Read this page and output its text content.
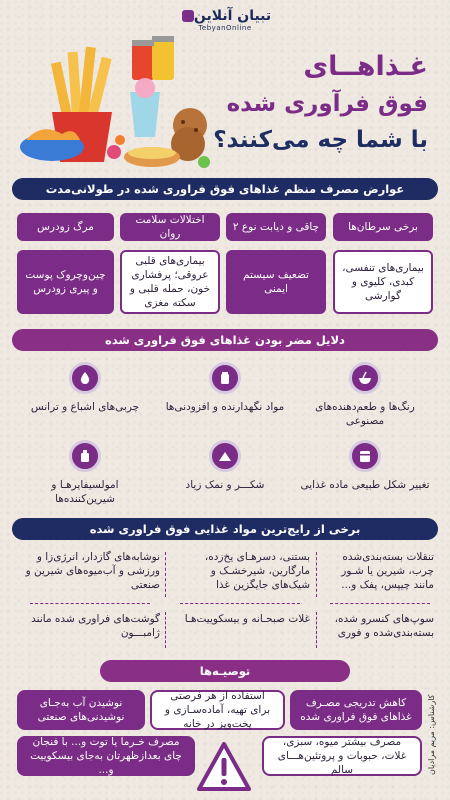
تبیان آنلاین
TebyanOnline
غـذاهــای
فوق فرآوری شده
با شما چه می‌کنند؟
عوارض مصرف منظم غذاهای فوق فراوری شده در طولانی‌مدت
برخی سرطان‌ها
چاقی و دیابت نوع ۲
اختلالات سلامت روان
مرگ زودرس
بیماری‌های تنفسی، کبدی، کلیوی و گوارشی
تضعیف سیستم ایمنی
بیماری‌های قلبی عروقی؛ پرفشاری خون، حمله قلبی و سکته مغزی
چین‌وچروک پوست و پیری زودرس
دلایل مضر بودن غذاهای فوق فراوری شده
رنگ‌ها و طعم‌دهنده‌های مصنوعی
مواد نگهدارنده و افزودنی‌ها
چربی‌های اشباع و ترانس
تغییر شکل طبیعی ماده غذایی
شکـــر و نمک زیاد
امولسیفایرهـا و شیرین‌کننده‌ها
برخی از رایج‌ترین مواد غذایی فوق فراوری شده
تنقلات بسته‌بندی‌شده چرب، شیرین یا شـور مانند چیپس، پفک و...
بستنی، دسرهـای یخ‌زده، مارگارین، شیرخشـک و شیک‌های جایگزین غذا
نوشابه‌های گازدار، انرژی‌زا و ورزشی و آب‌میوه‌های شیرین و صنعتی
سوپ‌های کنسرو شده، بسته‌بندی‌شده و فوری
غلات صبحـانه و بیسکوییت‌هـا
گوشت‌های فراوری شده مانند ژامبـــون
توصیـه‌ها
کاهش تدریجی مصـرف غذاهای فوق فراوری شده
استفاده از هر فرصتی برای تهیه، آماده‌سـازی و پخت‌وپز در خانه
نوشیدن آب به‌جـای نوشیدنی‌های صنعتی
مصرف بیشتر میوه، سبزی، غلات، حبوبات و پروتئین‌هـــای سالم
مصرف خـرما یا توت و... با فنجان چای بعدازظهرتان به‌جای بیسکوییت و...	کارشناس: مریم مرادیان
